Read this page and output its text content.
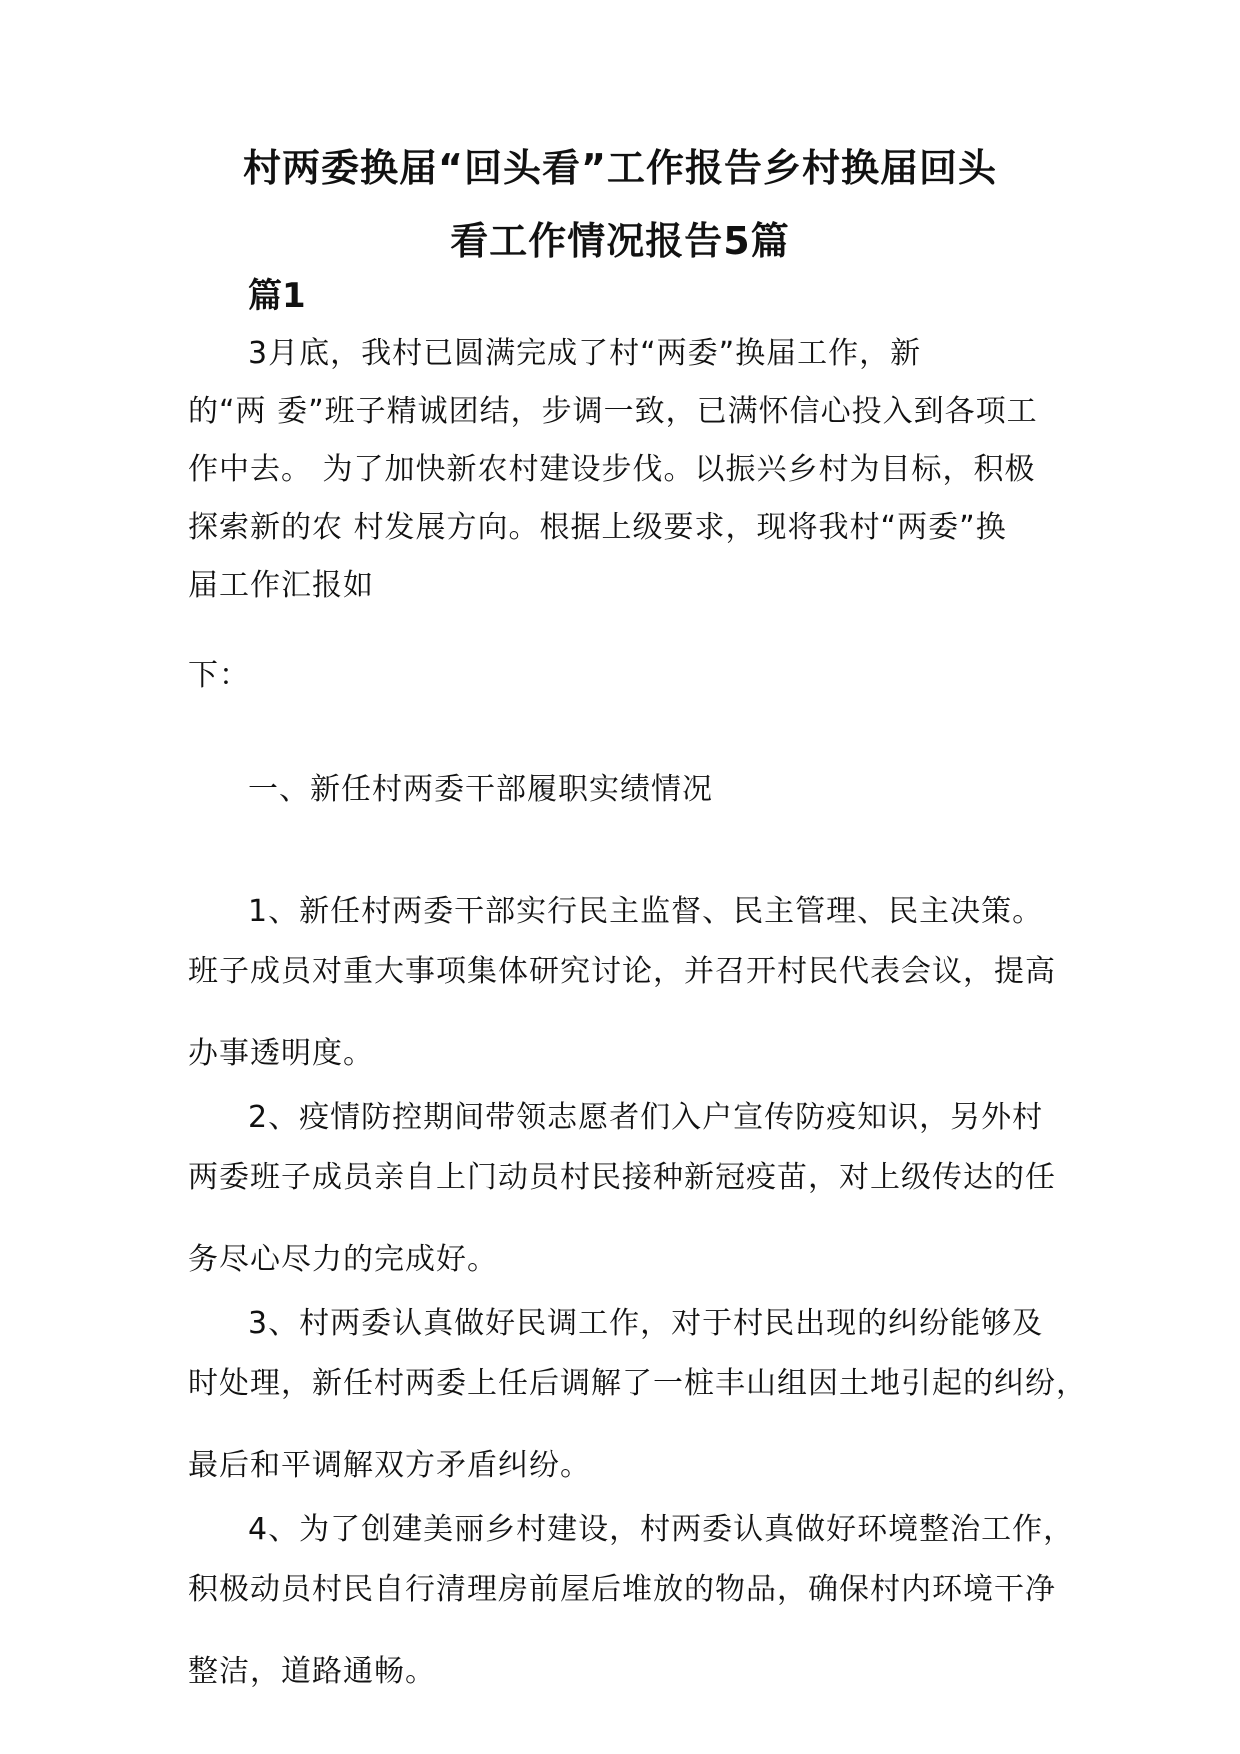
村两委换届“回头看”工作报告乡村换届回头
看工作情况报告5篇
篇1
3月底，我村已圆满完成了村“两委”换届工作，新
的“两 委”班子精诚团结，步调一致，已满怀信心投入到各项工
作中去。 为了加快新农村建设步伐。以振兴乡村为目标，积极
探索新的农 村发展方向。根据上级要求，现将我村“两委”换
届工作汇报如
下：
一、新任村两委干部履职实绩情况
1、新任村两委干部实行民主监督、民主管理、民主决策。
班子成员对重大事项集体研究讨论，并召开村民代表会议，提高
办事透明度。
2、疫情防控期间带领志愿者们入户宣传防疫知识，另外村
两委班子成员亲自上门动员村民接种新冠疫苗，对上级传达的任
务尽心尽力的完成好。
3、村两委认真做好民调工作，对于村民出现的纠纷能够及
时处理，新任村两委上任后调解了一桩丰山组因土地引起的纠纷，
最后和平调解双方矛盾纠纷。
4、为了创建美丽乡村建设，村两委认真做好环境整治工作，
积极动员村民自行清理房前屋后堆放的物品，确保村内环境干净
整洁，道路通畅。
